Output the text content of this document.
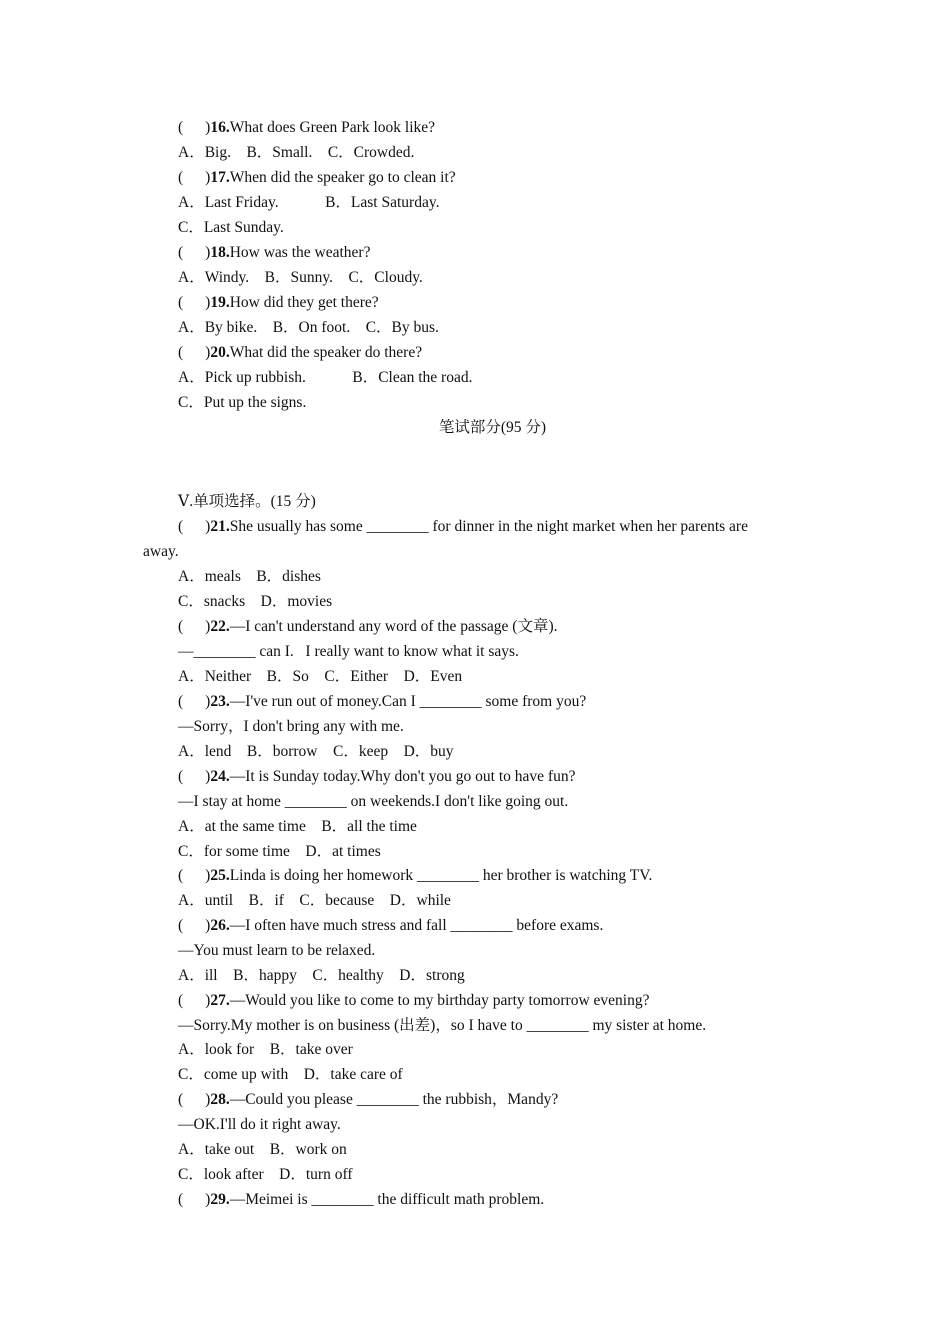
( )16.What does Green Park look like?
A．Big.    B．Small.    C．Crowded.
( )17.When did the speaker go to clean it?
A．Last Friday.            B．Last Saturday.
C．Last Sunday.
( )18.How was the weather?
A．Windy.    B．Sunny.    C．Cloudy.
( )19.How did they get there?
A．By bike.    B．On foot.    C．By bus.
( )20.What did the speaker do there?
A．Pick up rubbish.            B．Clean the road.
C．Put up the signs.
笔试部分(95 分)
Ⅴ.单项选择。(15 分)
( )21.She usually has some ________ for dinner in the night market when her parents are
away.
A．meals    B．dishes
C．snacks    D．movies
( )22.—I can't understand any word of the passage (文章).
—________ can I.   I really want to know what it says.
A．Neither    B．So    C．Either    D．Even
( )23.—I've run out of money.Can I ________ some from you?
—Sorry，I don't bring any with me.
A．lend    B．borrow    C．keep    D．buy
( )24.—It is Sunday today.Why don't you go out to have fun?
—I stay at home ________ on weekends.I don't like going out.
A．at the same time    B．all the time
C．for some time    D．at times
( )25.Linda is doing her homework ________ her brother is watching TV.
A．until    B．if    C．because    D．while
( )26.—I often have much stress and fall ________ before exams.
—You must learn to be relaxed.
A．ill    B．happy    C．healthy    D．strong
( )27.—Would you like to come to my birthday party tomorrow evening?
—Sorry.My mother is on business (出差)，so I have to ________ my sister at home.
A．look for    B．take over
C．come up with    D．take care of
( )28.—Could you please ________ the rubbish，Mandy?
—OK.I'll do it right away.
A．take out    B．work on
C．look after    D．turn off
( )29.—Meimei is ________ the difficult math problem.
